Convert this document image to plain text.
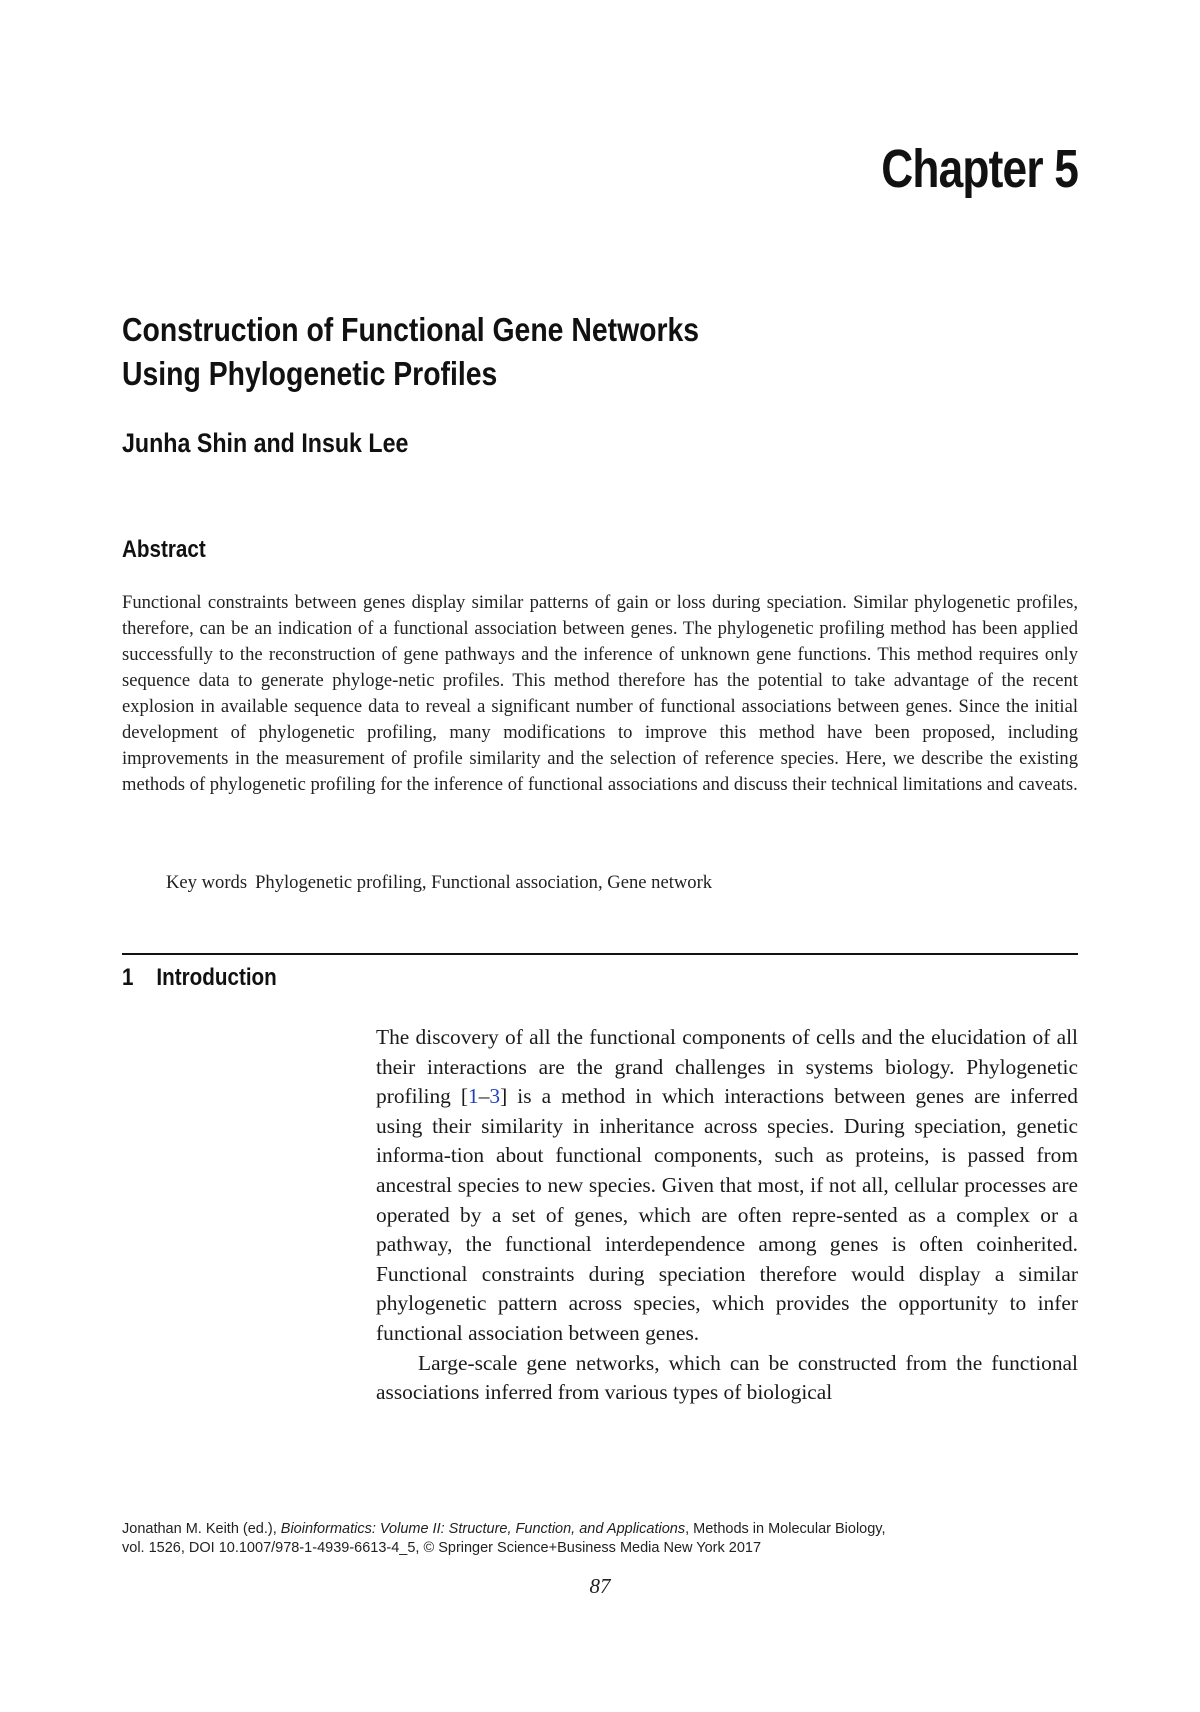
Chapter 5
Construction of Functional Gene Networks
Using Phylogenetic Profiles
Junha Shin and Insuk Lee
Abstract
Functional constraints between genes display similar patterns of gain or loss during speciation. Similar phylogenetic profiles, therefore, can be an indication of a functional association between genes. The phylogenetic profiling method has been applied successfully to the reconstruction of gene pathways and the inference of unknown gene functions. This method requires only sequence data to generate phyloge-netic profiles. This method therefore has the potential to take advantage of the recent explosion in available sequence data to reveal a significant number of functional associations between genes. Since the initial development of phylogenetic profiling, many modifications to improve this method have been proposed, including improvements in the measurement of profile similarity and the selection of reference species. Here, we describe the existing methods of phylogenetic profiling for the inference of functional associations and discuss their technical limitations and caveats.
Key words Phylogenetic profiling, Functional association, Gene network
1 Introduction

The discovery of all the functional components of cells and the elucidation of all their interactions are the grand challenges in systems biology. Phylogenetic profiling [1–3] is a method in which interactions between genes are inferred using their similarity in inheritance across species. During speciation, genetic informa-tion about functional components, such as proteins, is passed from ancestral species to new species. Given that most, if not all, cellular processes are operated by a set of genes, which are often repre-sented as a complex or a pathway, the functional interdependence among genes is often coinherited. Functional constraints during speciation therefore would display a similar phylogenetic pattern across species, which provides the opportunity to infer functional association between genes.

Large-scale gene networks, which can be constructed from the functional associations inferred from various types of biological

Jonathan M. Keith (ed.), Bioinformatics: Volume II: Structure, Function, and Applications, Methods in Molecular Biology,
vol. 1526, DOI 10.1007/978-1-4939-6613-4_5, © Springer Science+Business Media New York 2017
87
